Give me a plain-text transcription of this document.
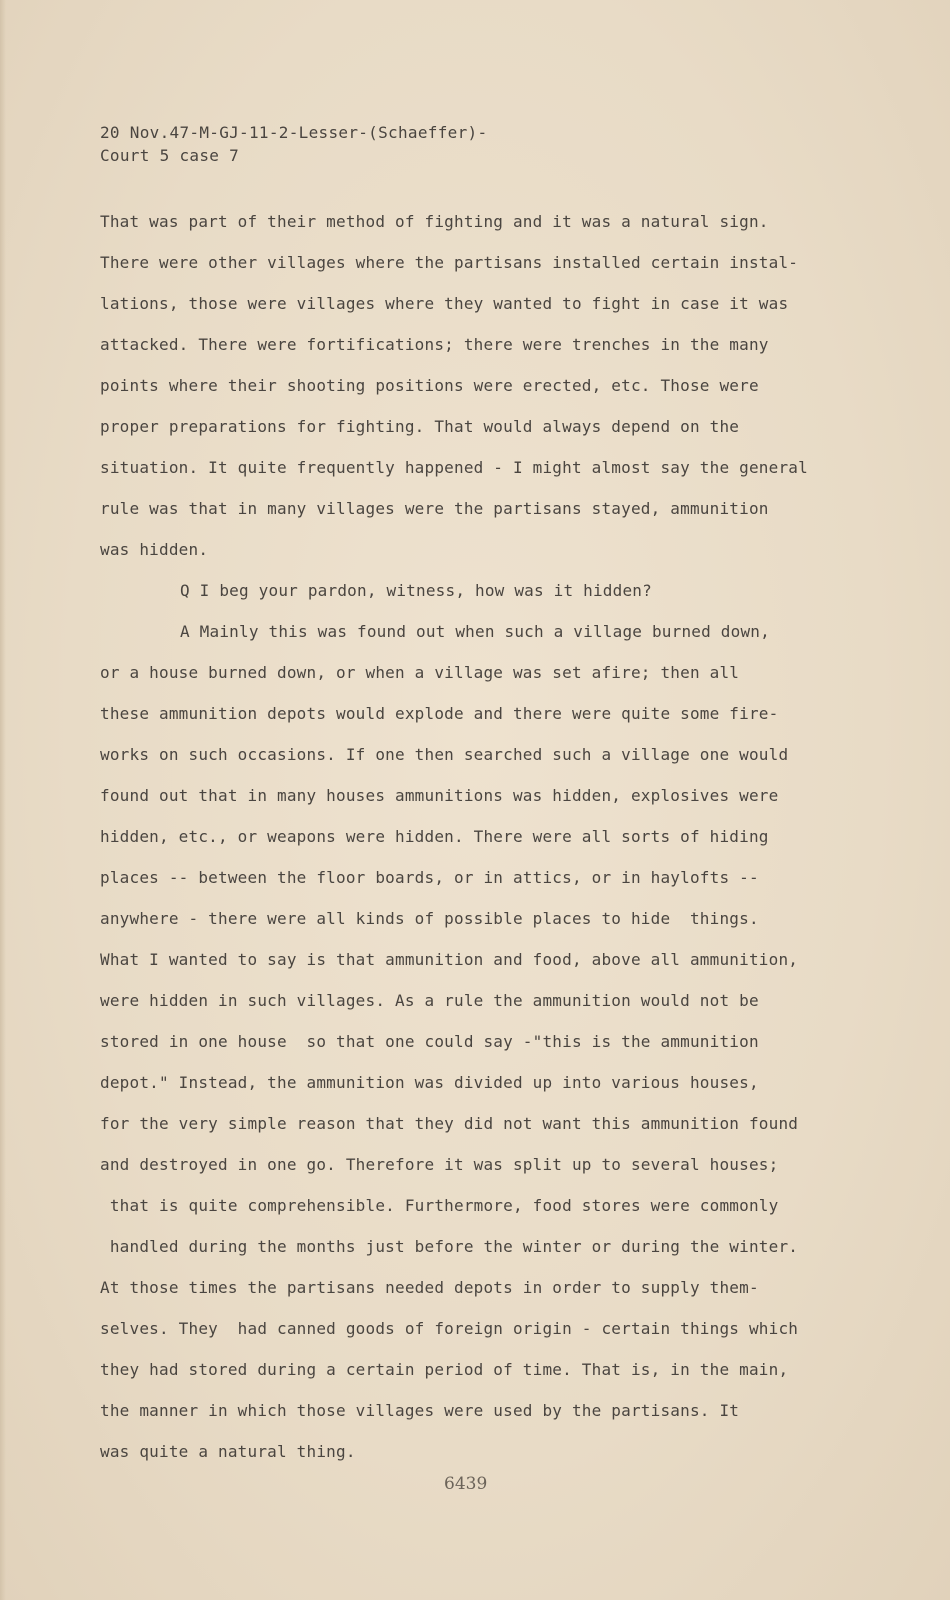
20 Nov.47-M-GJ-11-2-Lesser-(Schaeffer)-
Court 5 case 7
That was part of their method of fighting and it was a natural sign.
There were other villages where the partisans installed certain instal-
lations, those were villages where they wanted to fight in case it was
attacked. There were fortifications; there were trenches in the many
points where their shooting positions were erected, etc. Those were
proper preparations for fighting. That would always depend on the
situation. It quite frequently happened - I might almost say the general
rule was that in many villages were the partisans stayed, ammunition
was hidden.
Q I beg your pardon, witness, how was it hidden?
A Mainly this was found out when such a village burned down,
or a house burned down, or when a village was set afire; then all
these ammunition depots would explode and there were quite some fire-
works on such occasions. If one then searched such a village one would
found out that in many houses ammunitions was hidden, explosives were
hidden, etc., or weapons were hidden. There were all sorts of hiding
places -- between the floor boards, or in attics, or in haylofts --
anywhere - there were all kinds of possible places to hide  things.
What I wanted to say is that ammunition and food, above all ammunition,
were hidden in such villages. As a rule the ammunition would not be
stored in one house  so that one could say -"this is the ammunition
depot." Instead, the ammunition was divided up into various houses,
for the very simple reason that they did not want this ammunition found
and destroyed in one go. Therefore it was split up to several houses;
that is quite comprehensible. Furthermore, food stores were commonly
handled during the months just before the winter or during the winter.
At those times the partisans needed depots in order to supply them-
selves. They  had canned goods of foreign origin - certain things which
they had stored during a certain period of time. That is, in the main,
the manner in which those villages were used by the partisans. It
was quite a natural thing.
6439
